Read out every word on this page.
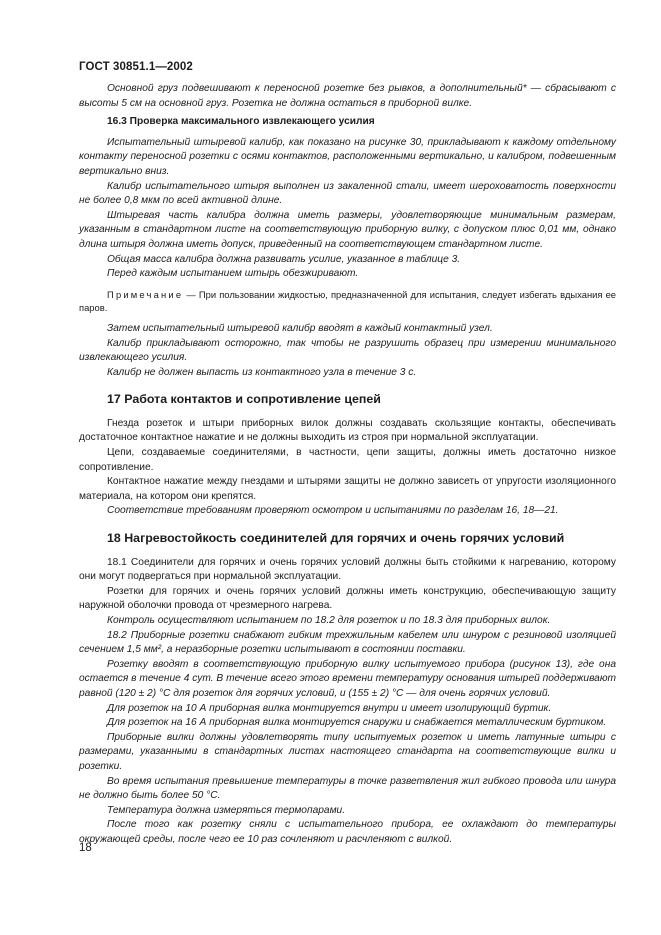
ГОСТ 30851.1—2002
Основной груз подвешивают к переносной розетке без рывков, а дополнительный* — сбрасывают с высоты 5 см на основной груз. Розетка не должна остаться в приборной вилке.
16.3 Проверка максимального извлекающего усилия
Испытательный штыревой калибр, как показано на рисунке 30, прикладывают к каждому отдельному контакту переносной розетки с осями контактов, расположенными вертикально, и калибром, подвешенным вертикально вниз.
Калибр испытательного штыря выполнен из закаленной стали, имеет шероховатость поверхности не более 0,8 мкм по всей активной длине.
Штыревая часть калибра должна иметь размеры, удовлетворяющие минимальным размерам, указанным в стандартном листе на соответствующую приборную вилку, с допуском плюс 0,01 мм, однако длина штыря должна иметь допуск, приведенный на соответствующем стандартном листе.
Общая масса калибра должна развивать усилие, указанное в таблице 3.
Перед каждым испытанием штырь обезжиривают.
Примечание — При пользовании жидкостью, предназначенной для испытания, следует избегать вдыхания ее паров.
Затем испытательный штыревой калибр вводят в каждый контактный узел.
Калибр прикладывают осторожно, так чтобы не разрушить образец при измерении минимального извлекающего усилия.
Калибр не должен выпасть из контактного узла в течение 3 с.
17 Работа контактов и сопротивление цепей
Гнезда розеток и штыри приборных вилок должны создавать скользящие контакты, обеспечивать достаточное контактное нажатие и не должны выходить из строя при нормальной эксплуатации.
Цепи, создаваемые соединителями, в частности, цепи защиты, должны иметь достаточно низкое сопротивление.
Контактное нажатие между гнездами и штырями защиты не должно зависеть от упругости изоляционного материала, на котором они крепятся.
Соответствие требованиям проверяют осмотром и испытаниями по разделам 16, 18—21.
18 Нагревостойкость соединителей для горячих и очень горячих условий
18.1 Соединители для горячих и очень горячих условий должны быть стойкими к нагреванию, которому они могут подвергаться при нормальной эксплуатации.
Розетки для горячих и очень горячих условий должны иметь конструкцию, обеспечивающую защиту наружной оболочки провода от чрезмерного нагрева.
Контроль осуществляют испытанием по 18.2 для розеток и по 18.3 для приборных вилок.
18.2 Приборные розетки снабжают гибким трехжильным кабелем или шнуром с резиновой изоляцией сечением 1,5 мм², а неразборные розетки испытывают в состоянии поставки.
Розетку вводят в соответствующую приборную вилку испытуемого прибора (рисунок 13), где она остается в течение 4 сут. В течение всего этого времени температуру основания штырей поддерживают равной (120 ± 2) °C для розеток для горячих условий, и (155 ± 2) °C — для очень горячих условий.
Для розеток на 10 А приборная вилка монтируется внутри и имеет изолирующий буртик.
Для розеток на 16 А приборная вилка монтируется снаружи и снабжается металлическим буртиком.
Приборные вилки должны удовлетворять типу испытуемых розеток и иметь латунные штыри с размерами, указанными в стандартных листах настоящего стандарта на соответствующие вилки и розетки.
Во время испытания превышение температуры в точке разветвления жил гибкого провода или шнура не должно быть более 50 °C.
Температура должна измеряться термопарами.
После того как розетку сняли с испытательного прибора, ее охлаждают до температуры окружающей среды, после чего ее 10 раз сочленяют и расчленяют с вилкой.
18
